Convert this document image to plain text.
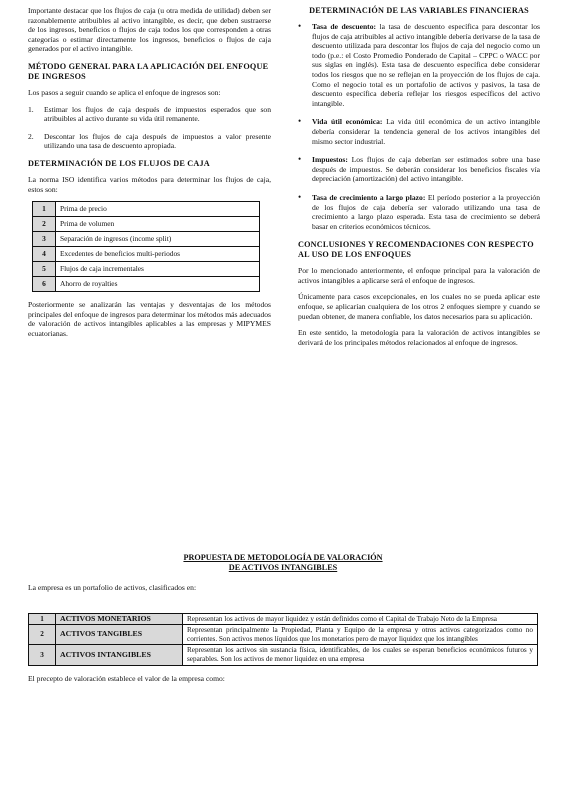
Importante destacar que los flujos de caja (u otra medida de utilidad) deben ser razonablemente atribuibles al activo intangible, es decir, que deben sustraerse de los ingresos, beneficios o flujos de caja todos los que corresponden a otras categorías o estimar directamente los ingresos, beneficios o flujos de caja generados por el activo intangible.

MÉTODO GENERAL PARA LA APLICACIÓN DEL ENFOQUE DE INGRESOS

Los pasos a seguir cuando se aplica el enfoque de ingresos son:

1.	Estimar los flujos de caja después de impuestos esperados que son atribuibles al activo durante su vida útil remanente.
2.	Descontar los flujos de caja después de impuestos a valor presente utilizando una tasa de descuento apropiada.
DETERMINACIÓN DE LOS FLUJOS DE CAJA

La norma ISO identifica varios métodos para determinar los flujos de caja, estos son:

1	Prima de precio
2	Prima de volumen
3	Separación de ingresos (income split)
4	Excedentes de beneficios multi-periodos
5	Flujos de caja incrementales
6	Ahorro de royalties

Posteriormente se analizarán las ventajas y desventajas de los métodos principales del enfoque de ingresos para determinar los métodos más adecuados de valoración de activos intangibles aplicables a las empresas y MIPYMES ecuatorianas.

DETERMINACIÓN DE LAS VARIABLES FINANCIERAS
•	Tasa de descuento: la tasa de descuento específica para descontar los flujos de caja atribuibles al activo intangible debería derivarse de la tasa de descuento utilizada para descontar los flujos de caja del negocio como un todo (p.e.: el Costo Promedio Ponderado de Capital – CPPC o WACC por sus siglas en inglés). Esta tasa de descuento específica debe considerar todos los riesgos que no se reflejan en la proyección de los flujos de caja. Como el negocio total es un portafolio de activos y pasivos, la tasa de descuento específica debería reflejar los riesgos específicos del activo intangible.
•	Vida útil económica: La vida útil económica de un activo intangible debería considerar la tendencia general de los activos intangibles del mismo sector industrial.
•	Impuestos: Los flujos de caja deberían ser estimados sobre una base después de impuestos. Se deberán considerar los beneficios fiscales vía depreciación (amortización) del activo intangible.
•	Tasa de crecimiento a largo plazo: El período posterior a la proyección de los flujos de caja debería ser valorado utilizando una tasa de crecimiento a largo plazo esperada. Esta tasa de crecimiento se deberá basar en criterios económicos técnicos.
CONCLUSIONES Y RECOMENDACIONES CON RESPECTO AL USO DE LOS ENFOQUES

Por lo mencionado anteriormente, el enfoque principal para la valoración de activos intangibles a aplicarse será el enfoque de ingresos.

Únicamente para casos excepcionales, en los cuales no se pueda aplicar este enfoque, se aplicarían cualquiera de los otros 2 enfoques siempre y cuando se puedan obtener, de manera confiable, los datos necesarios para su aplicación.

En este sentido, la metodología para la valoración de activos intangibles se derivará de los principales métodos relacionados al enfoque de ingresos.

PROPUESTA DE METODOLOGÍA DE VALORACIÓN
DE ACTIVOS INTANGIBLES

La empresa es un portafolio de activos, clasificados en:

1	ACTIVOS MONETARIOS	Representan los activos de mayor liquidez y están definidos como el Capital de Trabajo Neto de la Empresa
2	ACTIVOS TANGIBLES	Representan principalmente la Propiedad, Planta y Equipo de la empresa y otros activos categorizados como no corrientes. Son activos menos líquidos que los monetarios pero de mayor liquidez que los intangibles
3	ACTIVOS INTANGIBLES	Representan los activos sin sustancia física, identificables, de los cuales se esperan beneficios económicos futuros y separables. Son los activos de menor liquidez en una empresa

El precepto de valoración establece el valor de la empresa como:
